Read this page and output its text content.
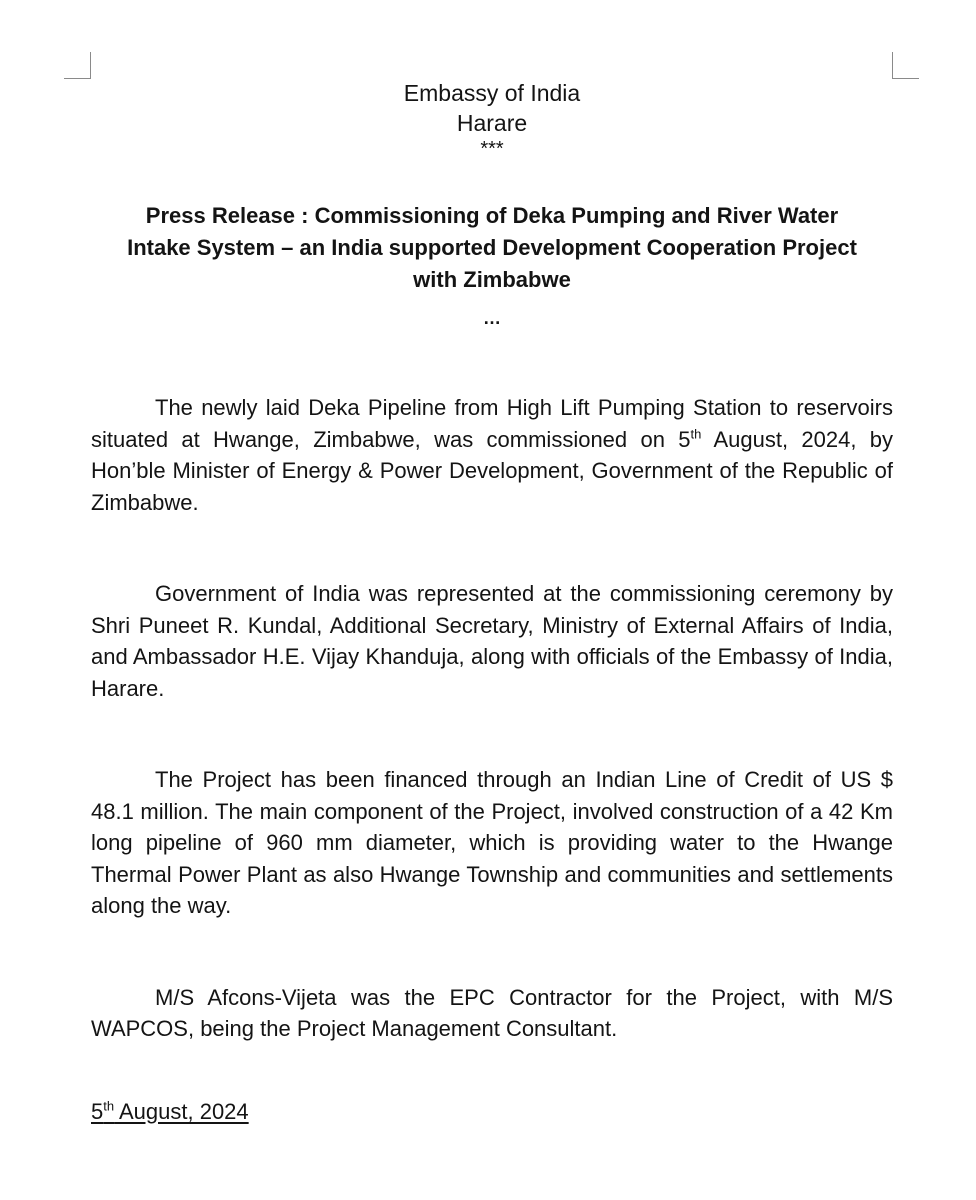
Embassy of India

Harare

***

Press Release : Commissioning of Deka Pumping and River Water
Intake System – an India supported Development Cooperation Project
with Zimbabwe

…

The newly laid Deka Pipeline from High Lift Pumping Station to reservoirs situated at Hwange, Zimbabwe, was commissioned on 5th August, 2024, by Hon’ble Minister of Energy & Power Development, Government of the Republic of Zimbabwe.

Government of India was represented at the commissioning ceremony by Shri Puneet R. Kundal, Additional Secretary, Ministry of External Affairs of India, and Ambassador H.E. Vijay Khanduja, along with officials of the Embassy of India, Harare.

The Project has been financed through an Indian Line of Credit of US $ 48.1 million. The main component of the Project, involved construction of a 42 Km long pipeline of 960 mm diameter, which is providing water to the Hwange Thermal Power Plant as also Hwange Township and communities and settlements along the way.

M/S Afcons-Vijeta was the EPC Contractor for the Project, with M/S WAPCOS, being the Project Management Consultant.

5th August, 2024
